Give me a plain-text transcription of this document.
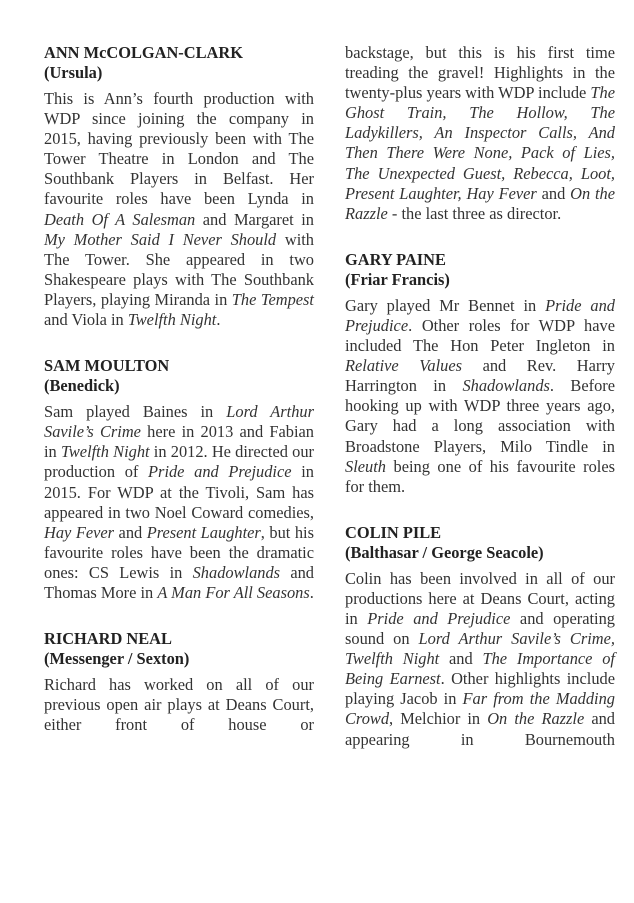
ANN McCOLGAN-CLARK
(Ursula)

This is Ann’s fourth production with WDP since joining the company in 2015, having previously been with The Tower Theatre in London and The Southbank Players in Belfast. Her favourite roles have been Lynda in Death Of A Salesman and Margaret in My Mother Said I Never Should with The Tower. She appeared in two Shakespeare plays with The Southbank Players, playing Miranda in The Tempest and Viola in Twelfth Night.

SAM MOULTON
(Benedick)

Sam played Baines in Lord Arthur Savile’s Crime here in 2013 and Fabian in Twelfth Night in 2012. He directed our production of Pride and Prejudice in 2015. For WDP at the Tivoli, Sam has appeared in two Noel Coward comedies, Hay Fever and Present Laughter, but his favourite roles have been the dramatic ones: CS Lewis in Shadowlands and Thomas More in A Man For All Seasons.

RICHARD NEAL
(Messenger / Sexton)

Richard has worked on all of our previous open air plays at Deans Court, either front of house or

backstage, but this is his first time treading the gravel! Highlights in the twenty-plus years with WDP include The Ghost Train, The Hollow, The Ladykillers, An Inspector Calls, And Then There Were None, Pack of Lies, The Unexpected Guest, Rebecca, Loot, Present Laughter, Hay Fever and On the Razzle - the last three as director.

GARY PAINE
(Friar Francis)

Gary played Mr Bennet in Pride and Prejudice. Other roles for WDP have included The Hon Peter Ingleton in Relative Values and Rev. Harry Harrington in Shadowlands. Before hooking up with WDP three years ago, Gary had a long association with Broadstone Players, Milo Tindle in Sleuth being one of his favourite roles for them.

COLIN PILE
(Balthasar / George Seacole)

Colin has been involved in all of our productions here at Deans Court, acting in Pride and Prejudice and operating sound on Lord Arthur Savile’s Crime, Twelfth Night and The Importance of Being Earnest. Other highlights include playing Jacob in Far from the Madding Crowd, Melchior in On the Razzle and appearing in Bournemouth
